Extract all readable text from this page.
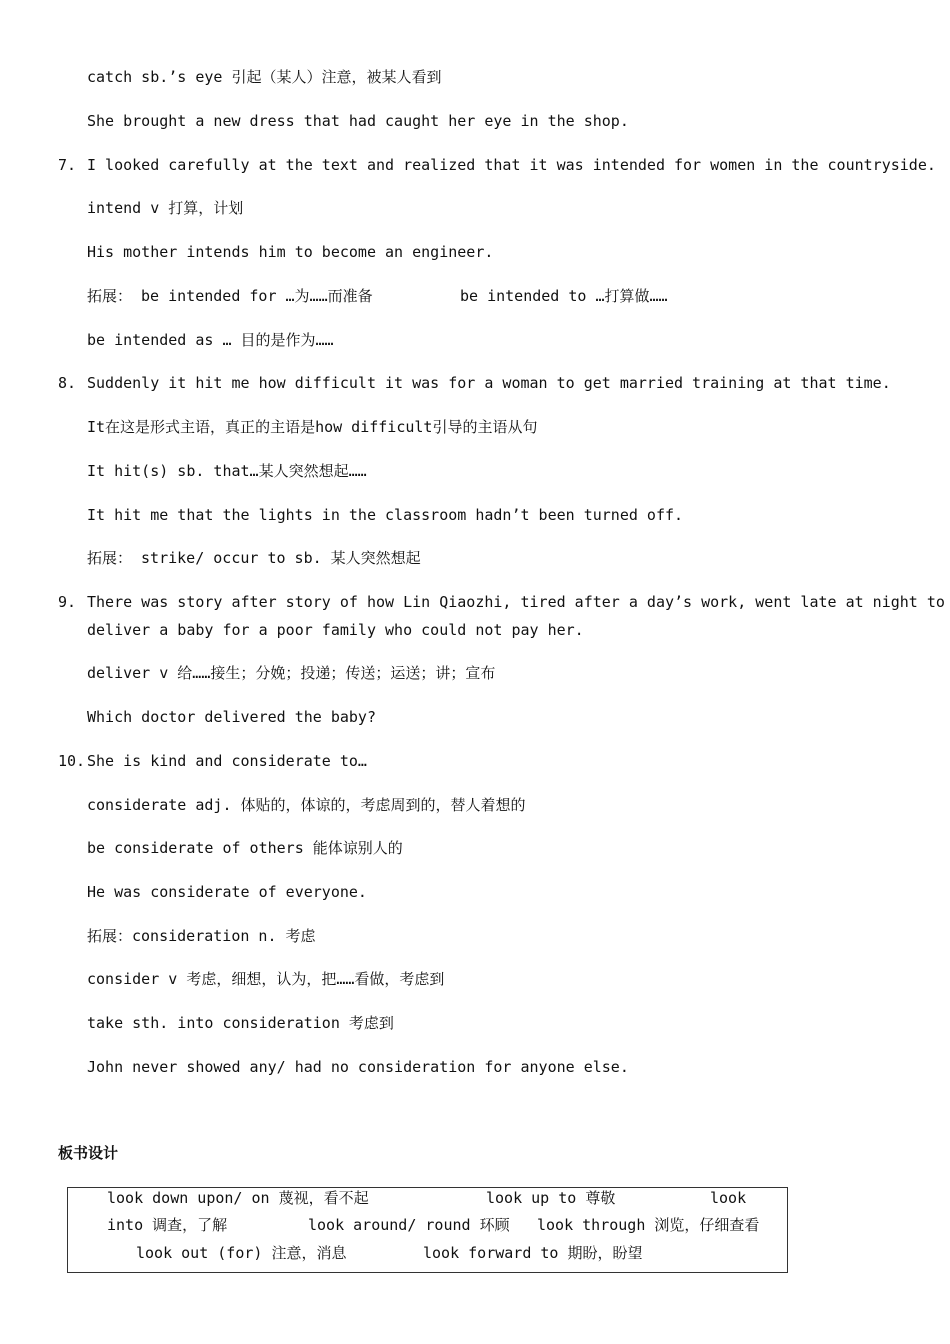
catch sb.’s eye 引起（某人）注意，被某人看到
She brought a new dress that had caught her eye in the shop.
7. I looked carefully at the text and realized that it was intended for women in the countryside.
intend v 打算，计划
His mother intends him to become an engineer.
拓展： be intended for …为……而准备	be intended to …打算做……
be intended as … 目的是作为……
8. Suddenly it hit me how difficult it was for a woman to get married training at that time.
It在这是形式主语，真正的主语是how difficult引导的主语从句
It hit(s) sb. that…某人突然想起……
It hit me that the lights in the classroom hadn’t been turned off.
拓展： strike/ occur to sb. 某人突然想起
9. There was story after story of how Lin Qiaozhi, tired after a day’s work, went late at night to
deliver a baby for a poor family who could not pay her.
deliver v 给……接生；分娩；投递；传送；运送；讲；宣布
Which doctor delivered the baby?
10. She is kind and considerate to…
considerate adj. 体贴的，体谅的，考虑周到的，替人着想的
be considerate of others 能体谅别人的
He was considerate of everyone.
拓展：consideration n. 考虑
consider v 考虑，细想，认为，把……看做，考虑到
take sth. into consideration 考虑到
John never showed any/ had no consideration for anyone else.
板书设计
look down upon/ on 蔑视，看不起	look up to 尊敬	look
into 调查，了解	look around/ round 环顾 look through 浏览，仔细查看
look out (for) 注意，消息	look forward to 期盼，盼望
